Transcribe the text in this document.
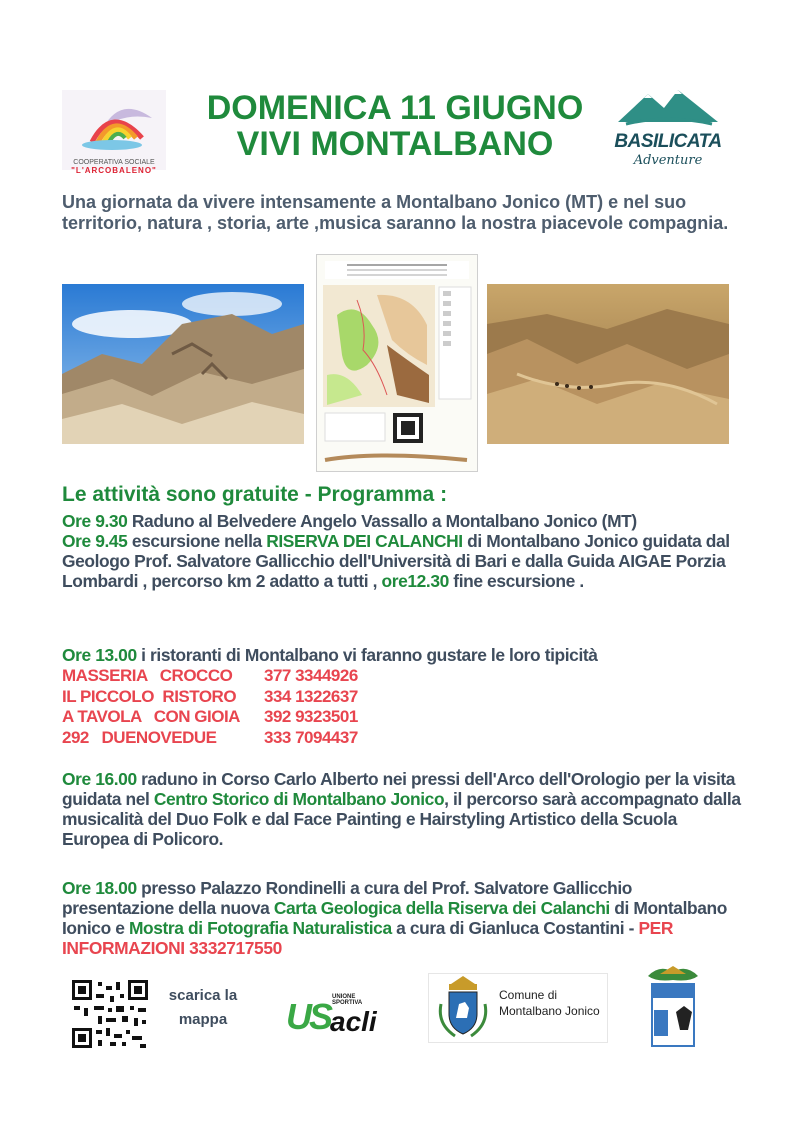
COOPERATIVA SOCIALE
"L'ARCOBALENO"
DOMENICA 11 GIUGNO
VIVI MONTALBANO	BASILICATA
Adventure
Una giornata da vivere intensamente a Montalbano Jonico (MT) e nel suo territorio, natura , storia, arte ,musica saranno la nostra piacevole compagnia.
Le attività sono gratuite - Programma :
Ore 9.30 Raduno al Belvedere Angelo Vassallo a Montalbano Jonico (MT)
Ore 9.45 escursione nella RISERVA DEI CALANCHI di Montalbano Jonico guidata dal Geologo Prof. Salvatore Gallicchio dell'Università di Bari e dalla Guida AIGAE Porzia Lombardi , percorso km 2 adatto a tutti , ore12.30 fine escursione .
Ore 13.00 i ristoranti di Montalbano vi faranno gustare le loro tipicità
MASSERIA   CROCCO	377 3344926
IL PICCOLO  RISTORO	334 1322637
A TAVOLA   CON GIOIA	392 9323501
292   DUENOVEDUE	333 7094437
Ore 16.00 raduno in Corso Carlo Alberto nei pressi dell'Arco dell'Orologio per la visita guidata nel Centro Storico di Montalbano Jonico, il percorso sarà accompagnato dalla musicalità del Duo Folk e dal Face Painting e Hairstyling Artistico della Scuola Europea di Policoro.
Ore 18.00 presso Palazzo Rondinelli a cura del Prof. Salvatore Gallicchio presentazione della nuova Carta Geologica della Riserva dei Calanchi di Montalbano Ionico e Mostra di Fotografia Naturalistica a cura di Gianluca Costantini - PER INFORMAZIONI 3332717550
scarica la
mappa
UNIONE SPORTIVA
US acli
Comune di
Montalbano Jonico
